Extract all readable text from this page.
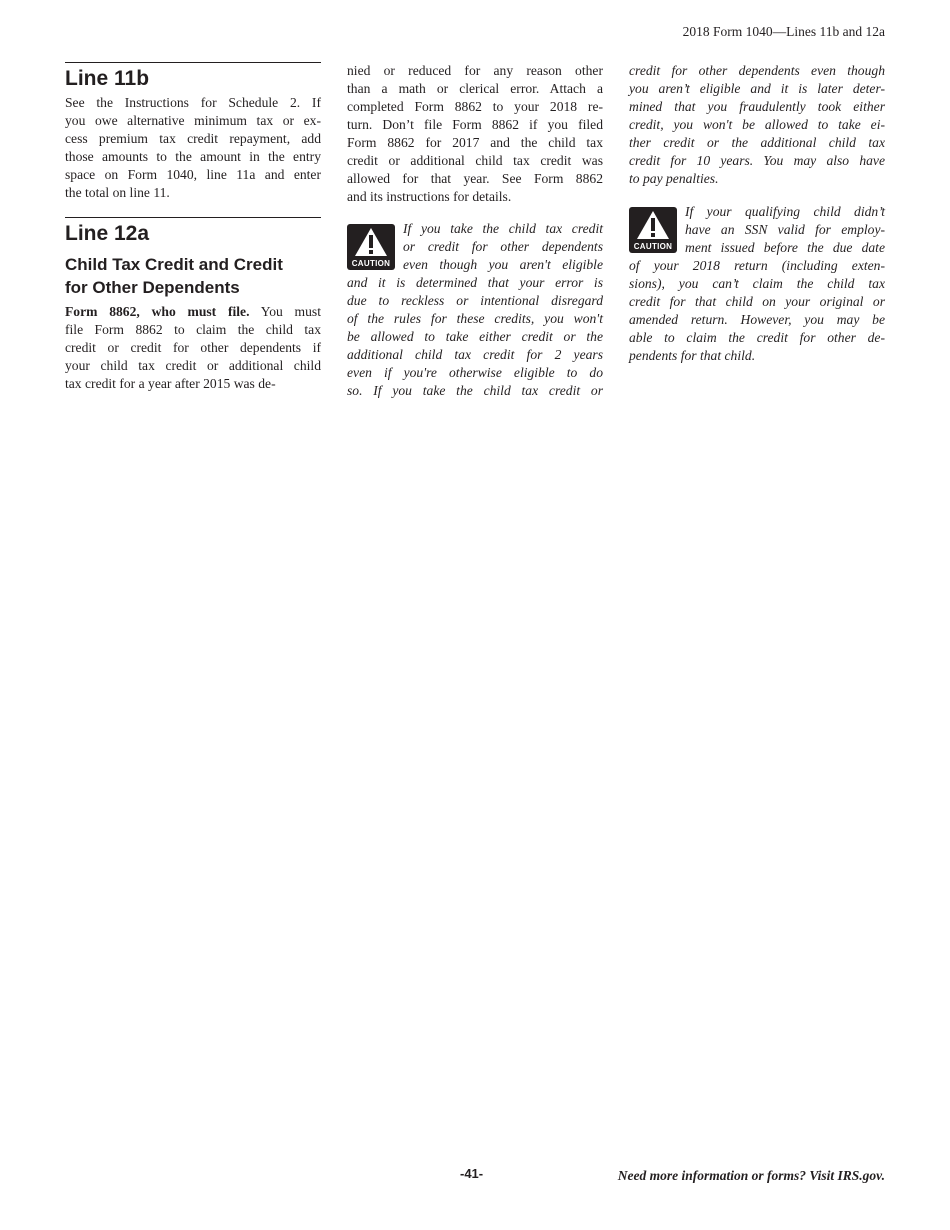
2018 Form 1040—Lines 11b and 12a
Line 11b
See the Instructions for Schedule 2. If
you owe alternative minimum tax or ex-
cess premium tax credit repayment, add
those amounts to the amount in the entry
space on Form 1040, line 11a and enter
the total on line 11.
Line 12a
Child Tax Credit and Credit
for Other Dependents
Form 8862, who must file. You must
file Form 8862 to claim the child tax
credit or credit for other dependents if
your child tax credit or additional child
tax credit for a year after 2015 was de-
nied or reduced for any reason other
than a math or clerical error. Attach a
completed Form 8862 to your 2018 re-
turn. Don’t file Form 8862 if you filed
Form 8862 for 2017 and the child tax
credit or additional child tax credit was
allowed for that year. See Form 8862
and its instructions for details.
CAUTION
If you take the child tax credit
or credit for other dependents
even though you aren't eligible
and it is determined that your error is
due to reckless or intentional disregard
of the rules for these credits, you won't
be allowed to take either credit or the
additional child tax credit for 2 years
even if you're otherwise eligible to do
so. If you take the child tax credit or
credit for other dependents even though
you aren’t eligible and it is later deter-
mined that you fraudulently took either
credit, you won't be allowed to take ei-
ther credit or the additional child tax
credit for 10 years. You may also have
to pay penalties.
CAUTION
If your qualifying child didn’t
have an SSN valid for employ-
ment issued before the due date
of your 2018 return (including exten-
sions), you can’t claim the child tax
credit for that child on your original or
amended return. However, you may be
able to claim the credit for other de-
pendents for that child.
-41-	Need more information or forms? Visit IRS.gov.
